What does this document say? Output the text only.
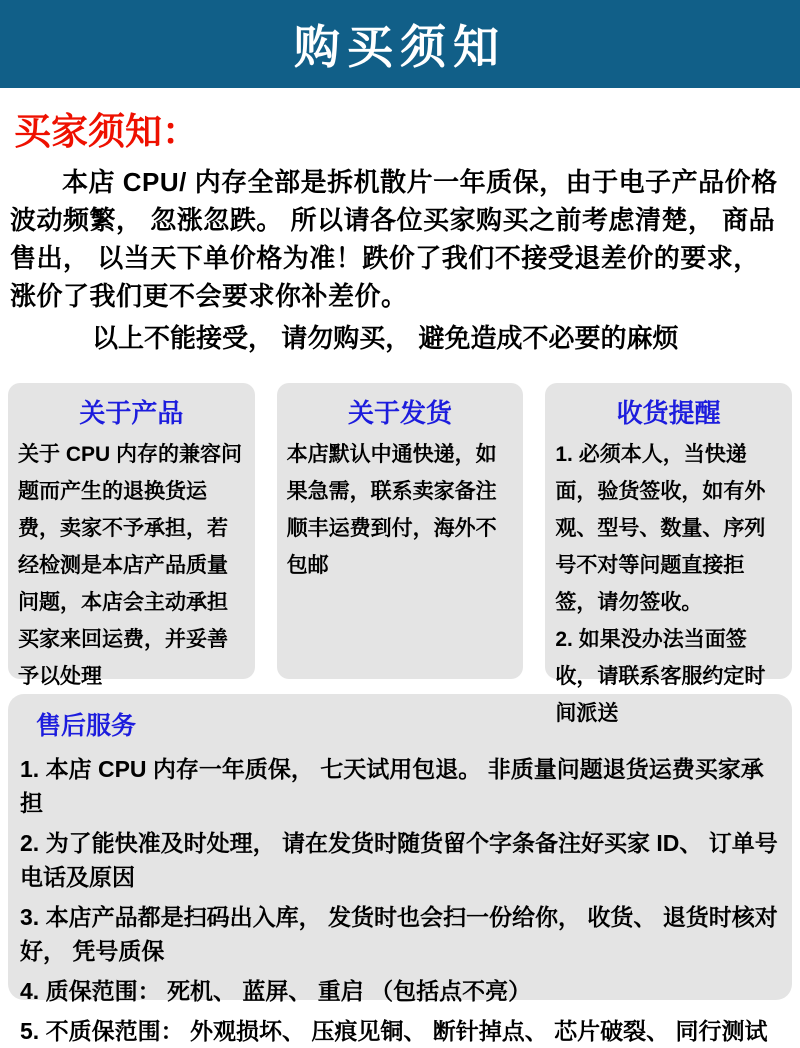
购买须知
买家须知：

本店 CPU/ 内存全部是拆机散片一年质保，由于电子产品价格波动频繁， 忽涨忽跌。 所以请各位买家购买之前考虑清楚， 商品售出， 以当天下单价格为准！跌价了我们不接受退差价的要求， 涨价了我们更不会要求你补差价。

以上不能接受， 请勿购买， 避免造成不必要的麻烦

关于产品

关于 CPU 内存的兼容问题而产生的退换货运费，卖家不予承担，若经检测是本店产品质量问题，本店会主动承担买家来回运费，并妥善予以处理

关于发货

本店默认中通快递，如果急需，联系卖家备注顺丰运费到付，海外不包邮

收货提醒

1. 必须本人，当快递面，验货签收，如有外观、型号、数量、序列号不对等问题直接拒签，请勿签收。

2. 如果没办法当面签收，请联系客服约定时间派送

售后服务
1. 本店 CPU 内存一年质保， 七天试用包退。 非质量问题退货运费买家承担
2. 为了能快准及时处理， 请在发货时随货留个字条备注好买家 ID、 订单号电话及原因
3. 本店产品都是扫码出入库， 发货时也会扫一份给你， 收货、 退货时核对好， 凭号质保
4. 质保范围： 死机、 蓝屏、 重启 （包括点不亮）
5. 不质保范围： 外观损坏、 压痕见铜、 断针掉点、 芯片破裂、 同行测试
